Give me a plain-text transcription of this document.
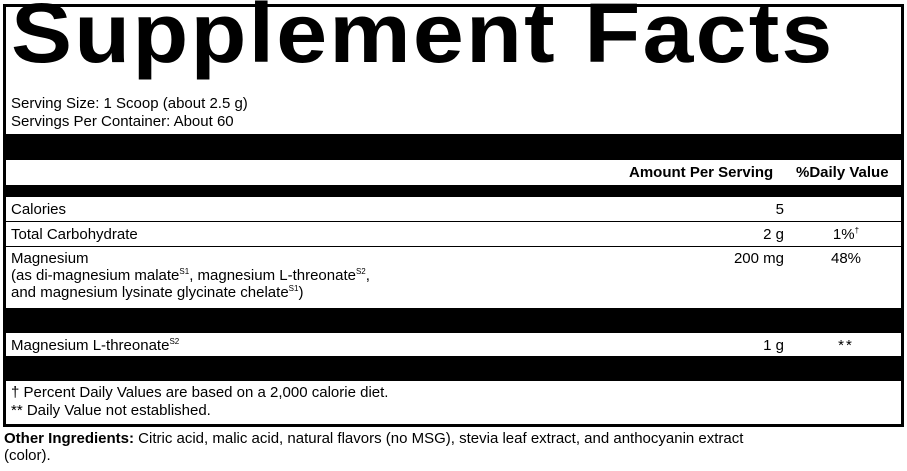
Supplement Facts
Serving Size: 1 Scoop (about 2.5 g)
Servings Per Container: About 60
Amount Per Serving %Daily Value
Calories	5
Total Carbohydrate	2 g	1%†
Magnesium
(as di-magnesium malate$^{S1}$, magnesium L-threonate$^{S2}$,
and magnesium lysinate glycinate chelate$^{S1}$)
200 mg	48%
Magnesium L-threonate$^{S2}$	1 g	**
† Percent Daily Values are based on a 2,000 calorie diet.
** Daily Value not established.
Other Ingredients: Citric acid, malic acid, natural flavors (no MSG), stevia leaf extract, and anthocyanin extract (color).
